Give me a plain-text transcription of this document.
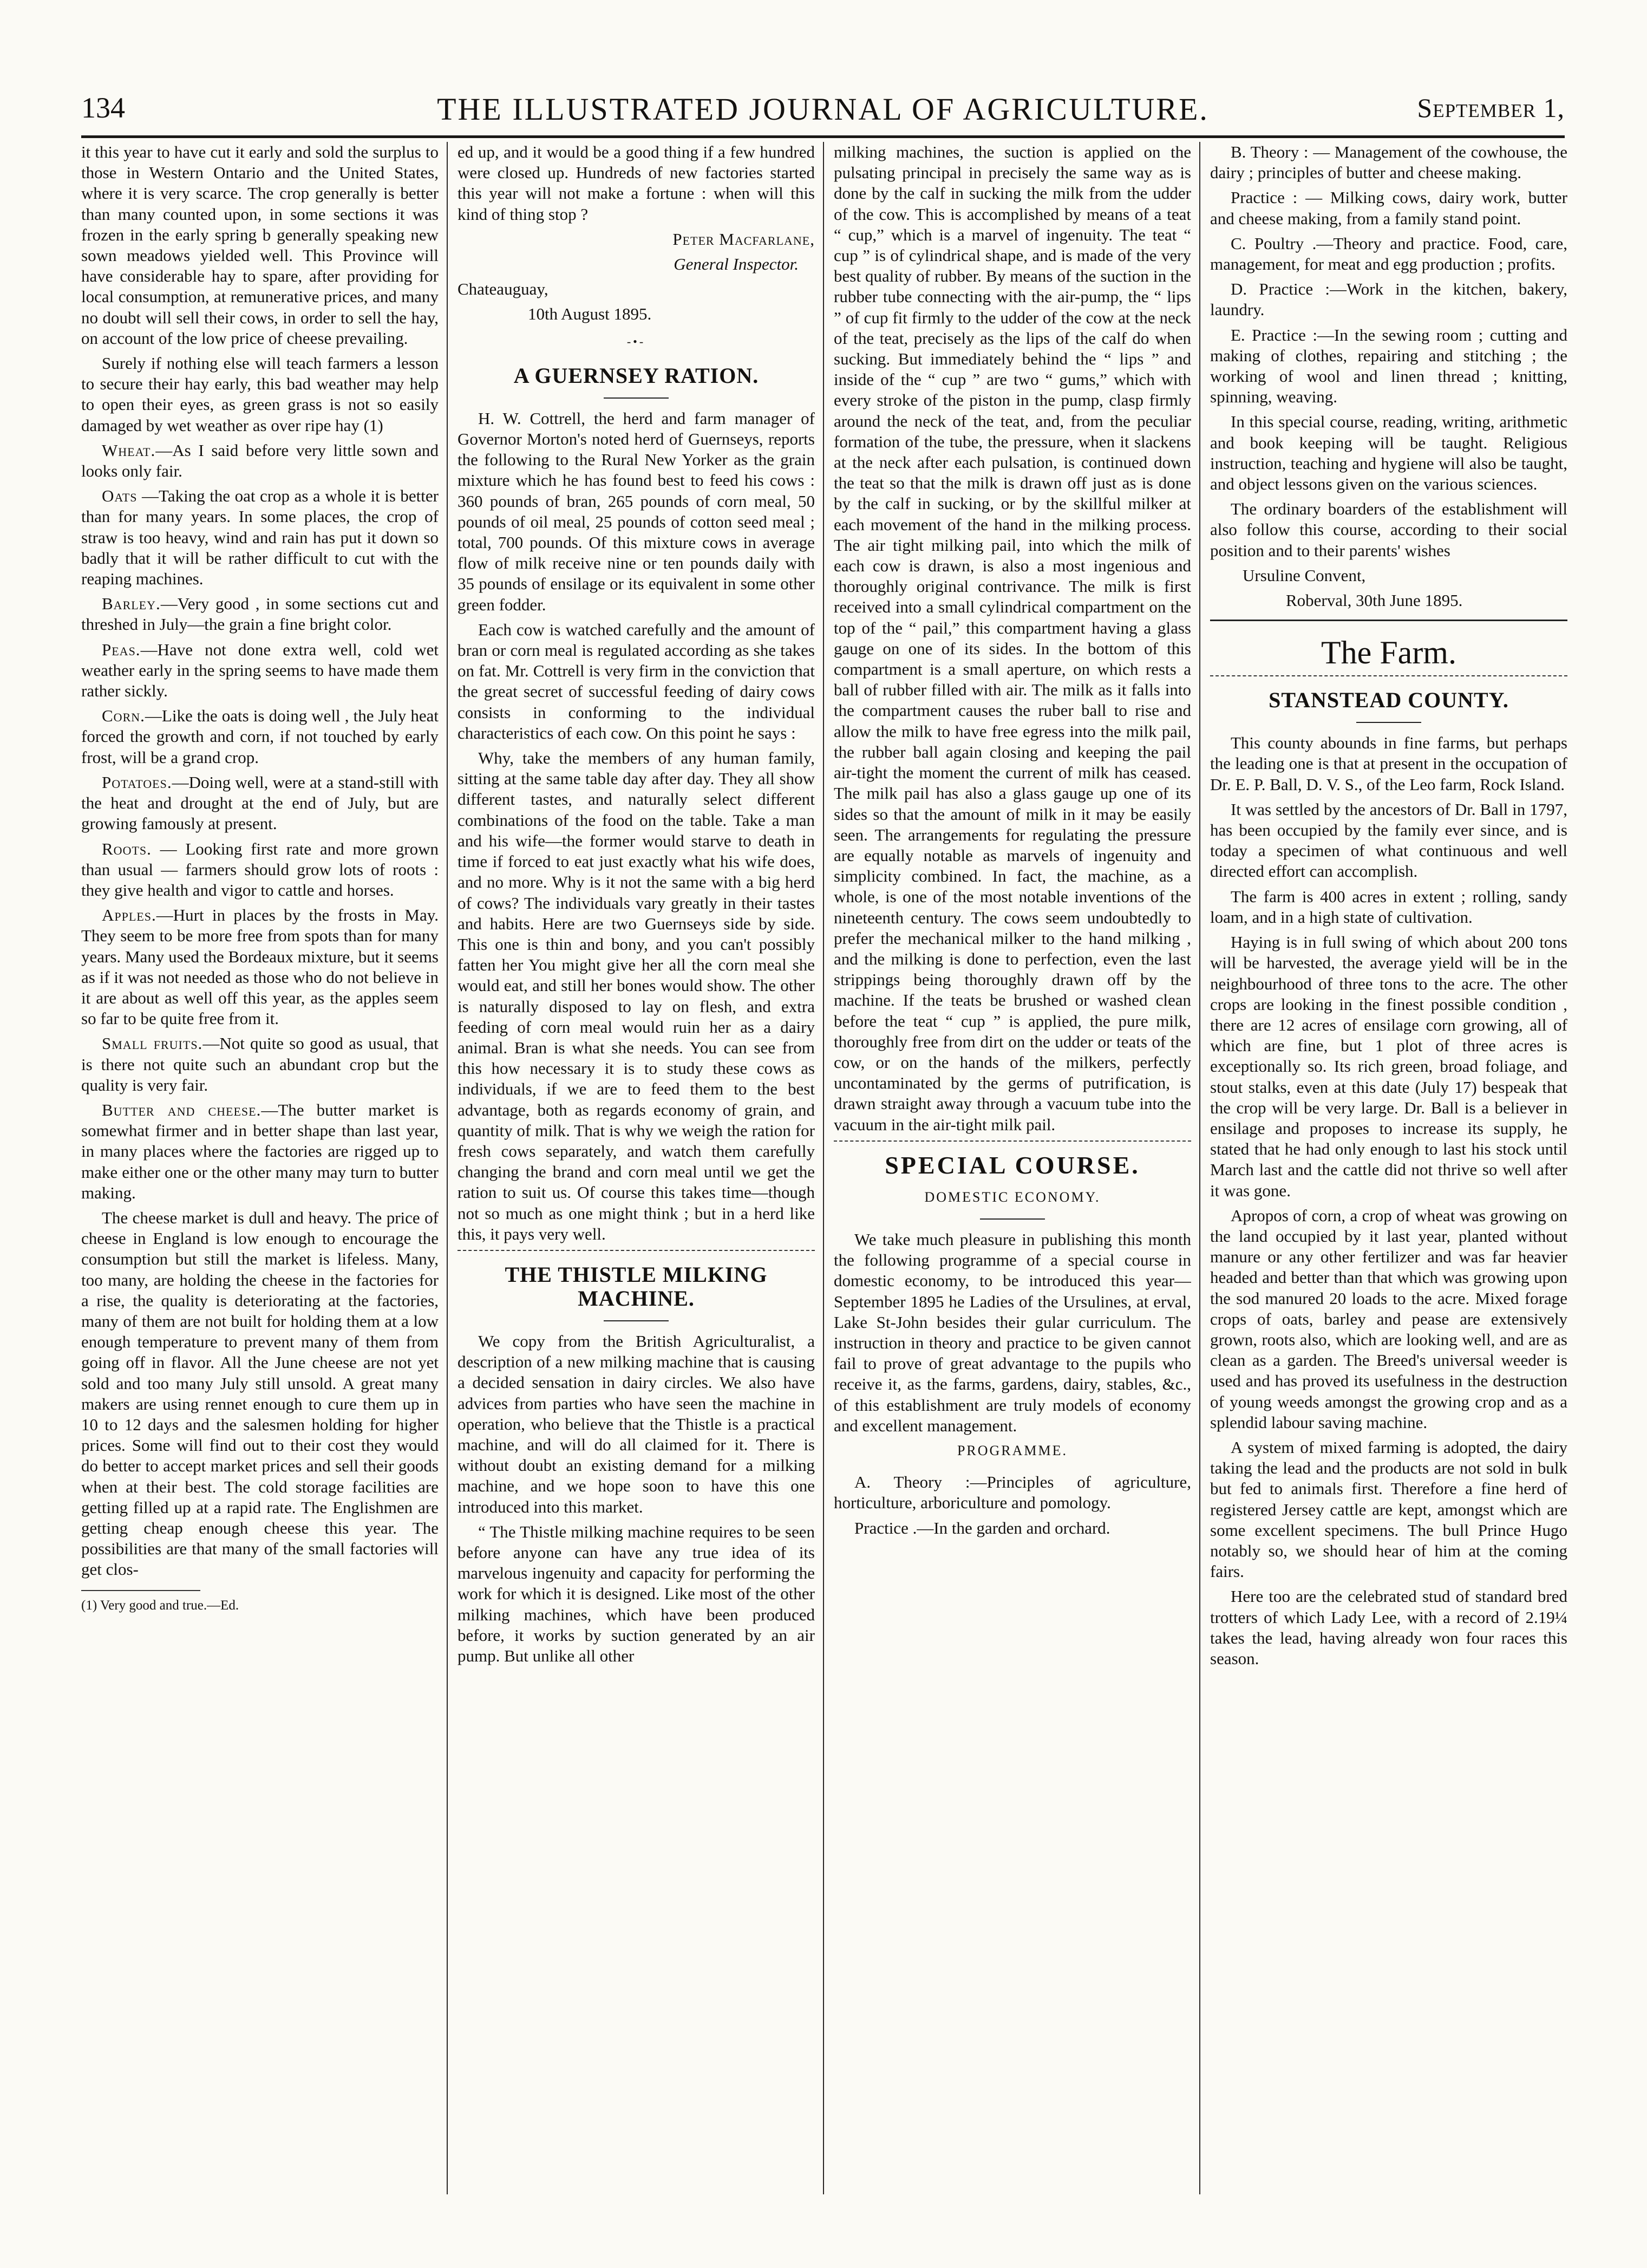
134	THE ILLUSTRATED JOURNAL OF AGRICULTURE.	September 1,

it this year to have cut it early and sold the surplus to those in Western Ontario and the United States, where it is very scarce. The crop generally is better than many counted upon, in some sections it was frozen in the early spring b generally speaking new sown meadows yielded well. This Province will have considerable hay to spare, after providing for local consumption, at remunerative prices, and many no doubt will sell their cows, in order to sell the hay, on account of the low price of cheese prevailing.

Surely if nothing else will teach farmers a lesson to secure their hay early, this bad weather may help to open their eyes, as green grass is not so easily damaged by wet weather as over ripe hay (1)

Wheat.—As I said before very little sown and looks only fair.

Oats —Taking the oat crop as a whole it is better than for many years. In some places, the crop of straw is too heavy, wind and rain has put it down so badly that it will be rather difficult to cut with the reaping machines.

Barley.—Very good , in some sections cut and threshed in July—the grain a fine bright color.

Peas.—Have not done extra well, cold wet weather early in the spring seems to have made them rather sickly.

Corn.—Like the oats is doing well , the July heat forced the growth and corn, if not touched by early frost, will be a grand crop.

Potatoes.—Doing well, were at a stand-still with the heat and drought at the end of July, but are growing famously at present.

Roots. — Looking first rate and more grown than usual — farmers should grow lots of roots : they give health and vigor to cattle and horses.

Apples.—Hurt in places by the frosts in May. They seem to be more free from spots than for many years. Many used the Bordeaux mixture, but it seems as if it was not needed as those who do not believe in it are about as well off this year, as the apples seem so far to be quite free from it.

Small fruits.—Not quite so good as usual, that is there not quite such an abundant crop but the quality is very fair.

Butter and cheese.—The butter market is somewhat firmer and in better shape than last year, in many places where the factories are rigged up to make either one or the other many may turn to butter making.

The cheese market is dull and heavy. The price of cheese in England is low enough to encourage the consumption but still the market is lifeless. Many, too many, are holding the cheese in the factories for a rise, the quality is deteriorating at the factories, many of them are not built for holding them at a low enough temperature to prevent many of them from going off in flavor. All the June cheese are not yet sold and too many July still unsold. A great many makers are using rennet enough to cure them up in 10 to 12 days and the salesmen holding for higher prices. Some will find out to their cost they would do better to accept market prices and sell their goods when at their best. The cold storage facilities are getting filled up at a rapid rate. The Englishmen are getting cheap enough cheese this year. The possibilities are that many of the small factories will get clos-

(1) Very good and true.—Ed.

ed up, and it would be a good thing if a few hundred were closed up. Hundreds of new factories started this year will not make a fortune : when will this kind of thing stop ?

Peter Macfarlane,

General Inspector.

Chateauguay,

10th August 1895.

-•-

A GUERNSEY RATION.

H. W. Cottrell, the herd and farm manager of Governor Morton's noted herd of Guernseys, reports the following to the Rural New Yorker as the grain mixture which he has found best to feed his cows : 360 pounds of bran, 265 pounds of corn meal, 50 pounds of oil meal, 25 pounds of cotton seed meal ; total, 700 pounds. Of this mixture cows in average flow of milk receive nine or ten pounds daily with 35 pounds of ensilage or its equivalent in some other green fodder.

Each cow is watched carefully and the amount of bran or corn meal is regulated according as she takes on fat. Mr. Cottrell is very firm in the conviction that the great secret of successful feeding of dairy cows consists in conforming to the individual characteristics of each cow. On this point he says :

Why, take the members of any human family, sitting at the same table day after day. They all show different tastes, and naturally select different combinations of the food on the table. Take a man and his wife—the former would starve to death in time if forced to eat just exactly what his wife does, and no more. Why is it not the same with a big herd of cows? The individuals vary greatly in their tastes and habits. Here are two Guernseys side by side. This one is thin and bony, and you can't possibly fatten her You might give her all the corn meal she would eat, and still her bones would show. The other is naturally disposed to lay on flesh, and extra feeding of corn meal would ruin her as a dairy animal. Bran is what she needs. You can see from this how necessary it is to study these cows as individuals, if we are to feed them to the best advantage, both as regards economy of grain, and quantity of milk. That is why we weigh the ration for fresh cows separately, and watch them carefully changing the brand and corn meal until we get the ration to suit us. Of course this takes time—though not so much as one might think ; but in a herd like this, it pays very well.

THE THISTLE MILKING MACHINE.

We copy from the British Agriculturalist, a description of a new milking machine that is causing a decided sensation in dairy circles. We also have advices from parties who have seen the machine in operation, who believe that the Thistle is a practical machine, and will do all claimed for it. There is without doubt an existing demand for a milking machine, and we hope soon to have this one introduced into this market.

“ The Thistle milking machine requires to be seen before anyone can have any true idea of its marvelous ingenuity and capacity for performing the work for which it is designed. Like most of the other milking machines, which have been produced before, it works by suction generated by an air pump. But unlike all other

milking machines, the suction is applied on the pulsating principal in precisely the same way as is done by the calf in sucking the milk from the udder of the cow. This is accomplished by means of a teat “ cup,” which is a marvel of ingenuity. The teat “ cup ” is of cylindrical shape, and is made of the very best quality of rubber. By means of the suction in the rubber tube connecting with the air-pump, the “ lips ” of cup fit firmly to the udder of the cow at the neck of the teat, precisely as the lips of the calf do when sucking. But immediately behind the “ lips ” and inside of the “ cup ” are two “ gums,” which with every stroke of the piston in the pump, clasp firmly around the neck of the teat, and, from the peculiar formation of the tube, the pressure, when it slackens at the neck after each pulsation, is continued down the teat so that the milk is drawn off just as is done by the calf in sucking, or by the skillful milker at each movement of the hand in the milking process. The air tight milking pail, into which the milk of each cow is drawn, is also a most ingenious and thoroughly original contrivance. The milk is first received into a small cylindrical compartment on the top of the “ pail,” this compartment having a glass gauge on one of its sides. In the bottom of this compartment is a small aperture, on which rests a ball of rubber filled with air. The milk as it falls into the compartment causes the ruber ball to rise and allow the milk to have free egress into the milk pail, the rubber ball again closing and keeping the pail air-tight the moment the current of milk has ceased. The milk pail has also a glass gauge up one of its sides so that the amount of milk in it may be easily seen. The arrangements for regulating the pressure are equally notable as marvels of ingenuity and simplicity combined. In fact, the machine, as a whole, is one of the most notable inventions of the nineteenth century. The cows seem undoubtedly to prefer the mechanical milker to the hand milking , and the milking is done to perfection, even the last strippings being thoroughly drawn off by the machine. If the teats be brushed or washed clean before the teat “ cup ” is applied, the pure milk, thoroughly free from dirt on the udder or teats of the cow, or on the hands of the milkers, perfectly uncontaminated by the germs of putrification, is drawn straight away through a vacuum tube into the vacuum in the air-tight milk pail.

SPECIAL COURSE.

DOMESTIC ECONOMY.

We take much pleasure in publishing this month the following programme of a special course in domestic economy, to be introduced this year—September 1895 he Ladies of the Ursulines, at erval, Lake St-John besides their gular curriculum. The instruction in theory and practice to be given cannot fail to prove of great advantage to the pupils who receive it, as the farms, gardens, dairy, stables, &c., of this establishment are truly models of economy and excellent management.

PROGRAMME.

A. Theory :—Principles of agriculture, horticulture, arboriculture and pomology.

Practice .—In the garden and orchard.

B. Theory : — Management of the cowhouse, the dairy ; principles of butter and cheese making.

Practice : — Milking cows, dairy work, butter and cheese making, from a family stand point.

C. Poultry .—Theory and practice. Food, care, management, for meat and egg production ; profits.

D. Practice :—Work in the kitchen, bakery, laundry.

E. Practice :—In the sewing room ; cutting and making of clothes, repairing and stitching ; the working of wool and linen thread ; knitting, spinning, weaving.

In this special course, reading, writing, arithmetic and book keeping will be taught. Religious instruction, teaching and hygiene will also be taught, and object lessons given on the various sciences.

The ordinary boarders of the establishment will also follow this course, according to their social position and to their parents' wishes

Ursuline Convent,

Roberval, 30th June 1895.

The Farm.

STANSTEAD COUNTY.

This county abounds in fine farms, but perhaps the leading one is that at present in the occupation of Dr. E. P. Ball, D. V. S., of the Leo farm, Rock Island.

It was settled by the ancestors of Dr. Ball in 1797, has been occupied by the family ever since, and is today a specimen of what continuous and well directed effort can accomplish.

The farm is 400 acres in extent ; rolling, sandy loam, and in a high state of cultivation.

Haying is in full swing of which about 200 tons will be harvested, the average yield will be in the neighbourhood of three tons to the acre. The other crops are looking in the finest possible condition , there are 12 acres of ensilage corn growing, all of which are fine, but 1 plot of three acres is exceptionally so. Its rich green, broad foliage, and stout stalks, even at this date (July 17) bespeak that the crop will be very large. Dr. Ball is a believer in ensilage and proposes to increase its supply, he stated that he had only enough to last his stock until March last and the cattle did not thrive so well after it was gone.

Apropos of corn, a crop of wheat was growing on the land occupied by it last year, planted without manure or any other fertilizer and was far heavier headed and better than that which was growing upon the sod manured 20 loads to the acre. Mixed forage crops of oats, barley and pease are extensively grown, roots also, which are looking well, and are as clean as a garden. The Breed's universal weeder is used and has proved its usefulness in the destruction of young weeds amongst the growing crop and as a splendid labour saving machine.

A system of mixed farming is adopted, the dairy taking the lead and the products are not sold in bulk but fed to animals first. Therefore a fine herd of registered Jersey cattle are kept, amongst which are some excellent specimens. The bull Prince Hugo notably so, we should hear of him at the coming fairs.

Here too are the celebrated stud of standard bred trotters of which Lady Lee, with a record of 2.19¼ takes the lead, having already won four races this season.
